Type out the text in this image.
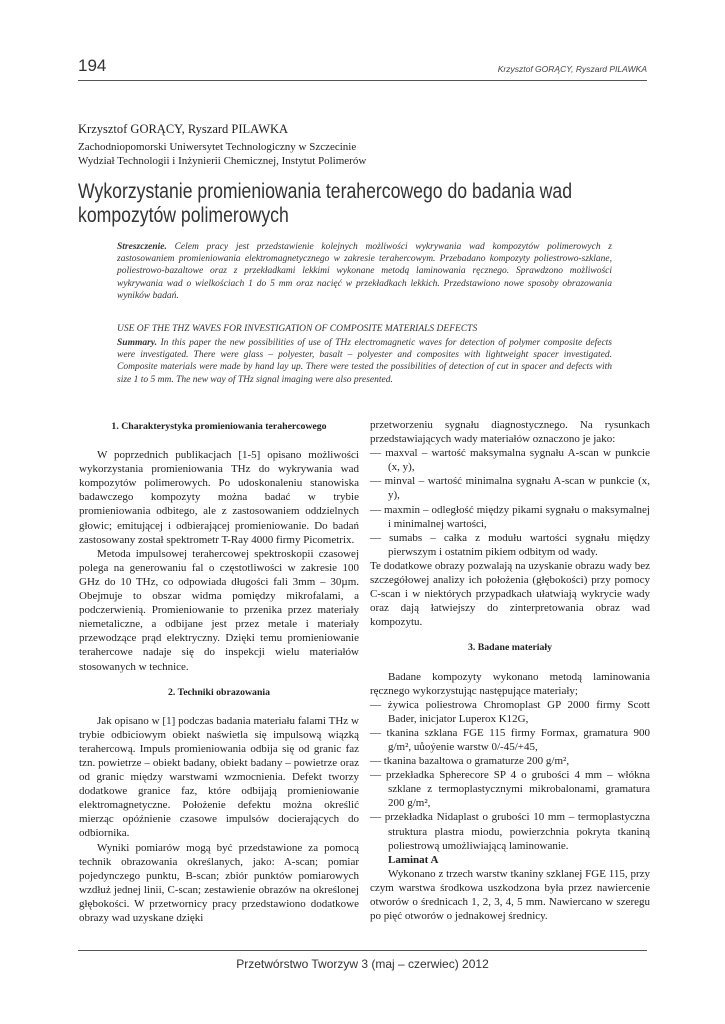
194	Krzysztof GORĄCY, Ryszard PILAWKA
Krzysztof GORĄCY, Ryszard PILAWKA
Zachodniopomorski Uniwersytet Technologiczny w Szczecinie
Wydział Technologii i Inżynierii Chemicznej, Instytut Polimerów
Wykorzystanie promieniowania terahercowego do badania wad kompozytów polimerowych
Streszczenie. Celem pracy jest przedstawienie kolejnych możliwości wykrywania wad kompozytów polimerowych z zastosowaniem promieniowania elektromagnetycznego w zakresie terahercowym. Przebadano kompozyty poliestrowo-szklane, poliestrowo-bazaltowe oraz z przekładkami lekkimi wykonane metodą laminowania ręcznego. Sprawdzono możliwości wykrywania wad o wielkościach 1 do 5 mm oraz nacięć w przekładkach lekkich. Przedstawiono nowe sposoby obrazowania wyników badań.
USE OF THE THZ WAVES FOR INVESTIGATION OF COMPOSITE MATERIALS DEFECTS
Summary. In this paper the new possibilities of use of THz electromagnetic waves for detection of polymer composite defects were investigated. There were glass – polyester, basalt – polyester and composites with lightweight spacer investigated. Composite materials were made by hand lay up. There were tested the possibilities of detection of cut in spacer and defects with size 1 to 5 mm. The new way of THz signal imaging were also presented.

1. Charakterystyka promieniowania terahercowego

W poprzednich publikacjach [1-5] opisano możliwości wykorzystania promieniowania THz do wykrywania wad kompozytów polimerowych. Po udoskonaleniu stanowiska badawczego kompozyty można badać w trybie promieniowania odbitego, ale z zastosowaniem oddzielnych głowic; emitującej i odbierającej promieniowanie. Do badań zastosowany został spektrometr T-Ray 4000 firmy Picometrix.

Metoda impulsowej terahercowej spektroskopii czasowej polega na generowaniu fal o częstotliwości w zakresie 100 GHz do 10 THz, co odpowiada długości fali 3mm – 30µm. Obejmuje to obszar widma pomiędzy mikrofalami, a podczerwienią. Promieniowanie to przenika przez materiały niemetaliczne, a odbijane jest przez metale i materiały przewodzące prąd elektryczny. Dzięki temu promieniowanie terahercowe nadaje się do inspekcji wielu materiałów stosowanych w technice.

2. Techniki obrazowania

Jak opisano w [1] podczas badania materiału falami THz w trybie odbiciowym obiekt naświetla się impulsową wiązką terahercową. Impuls promieniowania odbija się od granic faz tzn. powietrze – obiekt badany, obiekt badany – powietrze oraz od granic między warstwami wzmocnienia. Defekt tworzy dodatkowe granice faz, które odbijają promieniowanie elektromagnetyczne. Położenie defektu można określić mierząc opóźnienie czasowe impulsów docierających do odbiornika.

Wyniki pomiarów mogą być przedstawione za pomocą technik obrazowania określanych, jako: A-scan; pomiar pojedynczego punktu, B-scan; zbiór punktów pomiarowych wzdłuż jednej linii, C-scan; zestawienie obrazów na określonej głębokości. W przetwornicy pracy przedstawiono dodatkowe obrazy wad uzyskane dzięki

przetworzeniu sygnału diagnostycznego. Na rysunkach przedstawiających wady materiałów oznaczono je jako:

— maxval – wartość maksymalna sygnału A-scan w punkcie (x, y),

— minval – wartość minimalna sygnału A-scan w punkcie (x, y),

— maxmin – odległość między pikami sygnału o maksymalnej i minimalnej wartości,

— sumabs – całka z modułu wartości sygnału między pierwszym i ostatnim pikiem odbitym od wady.

Te dodatkowe obrazy pozwalają na uzyskanie obrazu wady bez szczegółowej analizy ich położenia (głębokości) przy pomocy C-scan i w niektórych przypadkach ułatwiają wykrycie wady oraz dają łatwiejszy do zinterpretowania obraz wad kompozytu.

3. Badane materiały

Badane kompozyty wykonano metodą laminowania ręcznego wykorzystując następujące materiały;

— żywica poliestrowa Chromoplast GP 2000 firmy Scott Bader, inicjator Luperox K12G,

— tkanina szklana FGE 115 firmy Formax, gramatura 900 g/m², uůoýenie warstw 0/-45/+45,

— tkanina bazaltowa o gramaturze 200 g/m²,

— przekładka Spherecore SP 4 o grubości 4 mm – włókna szklane z termoplastycznymi mikrobalonami, gramatura 200 g/m²,

— przekładka Nidaplast o grubości 10 mm – termoplastyczna struktura plastra miodu, powierzchnia pokryta tkaniną poliestrową umożliwiającą laminowanie.

Laminat A

Wykonano z trzech warstw tkaniny szklanej FGE 115, przy czym warstwa środkowa uszkodzona była przez nawiercenie otworów o średnicach 1, 2, 3, 4, 5 mm. Nawiercano w szeregu po pięć otworów o jednakowej średnicy.

Przetwórstwo Tworzyw 3 (maj – czerwiec) 2012
